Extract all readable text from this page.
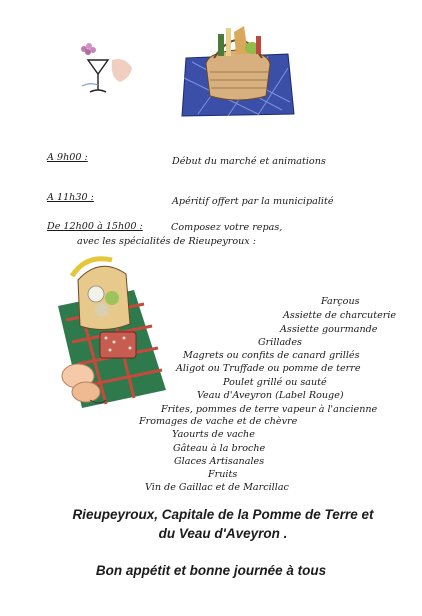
A 9h00 :	Début du marché et animations
A 11h30 :	Apéritif offert par la municipalité
De 12h00 à 15h00 :	Composez votre repas,
avec les spécialités de Rieupeyroux :
Farçous
Assiette de charcuterie
Assiette gourmande
Grillades
Magrets ou confits de canard grillés
Aligot ou Truffade ou pomme de terre
Poulet grillé ou sauté
Veau d'Aveyron (Label Rouge)
Frites, pommes de terre vapeur à l'ancienne
Fromages de vache et de chèvre
Yaourts de vache
Gâteau à la broche
Glaces Artisanales
Fruits
Vin de Gaillac et de Marcillac
Rieupeyroux, Capitale de la Pomme de Terre et
du Veau d'Aveyron .
Bon appétit et bonne journée à tous
